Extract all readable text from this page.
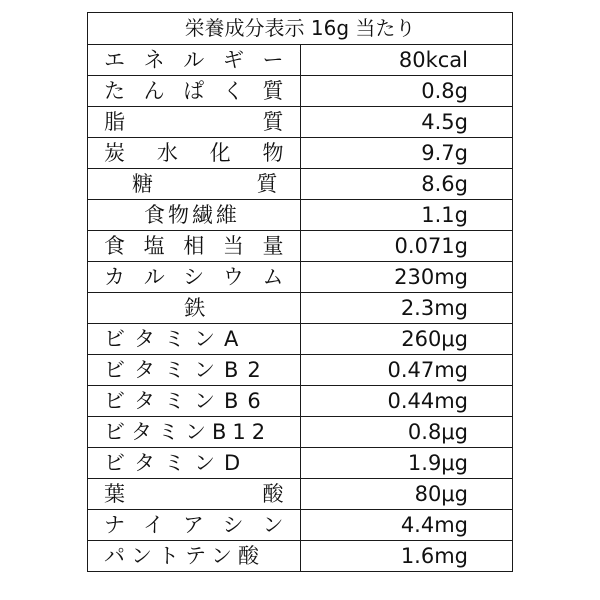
栄養成分表示 16g 当たり	

エネルギー	80kcal

たんぱく質	0.8g

脂質	4.5g

炭水化物	9.7g

糖質	8.6g

食物繊維	1.1g

食塩相当量	0.071g

カルシウム	230mg

鉄	2.3mg

ビタミンA	260μg

ビタミンB2	0.47mg

ビタミンB6	0.44mg

ビタミンB12	0.8μg

ビタミンD	1.9μg

葉酸	80μg

ナイアシン	4.4mg

パントテン酸	1.6mg
